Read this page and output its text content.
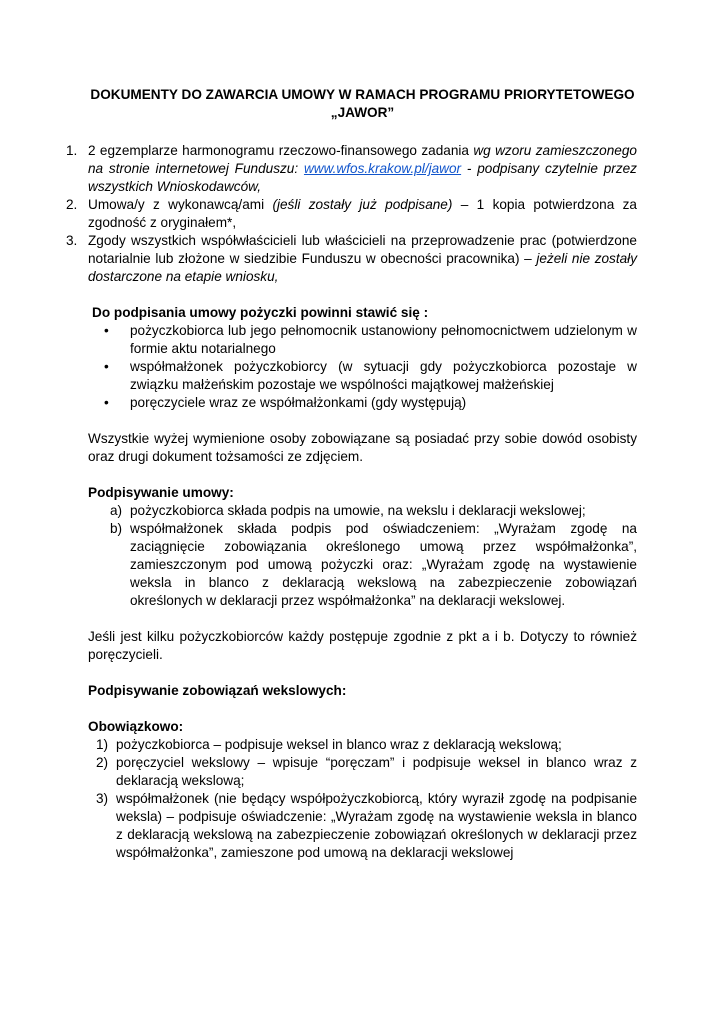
DOKUMENTY DO ZAWARCIA UMOWY W RAMACH PROGRAMU PRIORYTETOWEGO
„JAWOR”
1. 2 egzemplarze harmonogramu rzeczowo-finansowego zadania wg wzoru zamieszczonego na stronie internetowej Funduszu: www.wfos.krakow.pl/jawor - podpisany czytelnie przez wszystkich Wnioskodawców,
2. Umowa/y z wykonawcą/ami (jeśli zostały już podpisane) – 1 kopia potwierdzona za zgodność z oryginałem*,
3. Zgody wszystkich współwłaścicieli lub właścicieli na przeprowadzenie prac (potwierdzone notarialnie lub złożone w siedzibie Funduszu w obecności pracownika) – jeżeli nie zostały dostarczone na etapie wniosku,
Do podpisania umowy pożyczki powinni stawić się :
• pożyczkobiorca lub jego pełnomocnik ustanowiony pełnomocnictwem udzielonym w formie aktu notarialnego
• współmałżonek pożyczkobiorcy (w sytuacji gdy pożyczkobiorca pozostaje w związku małżeńskim pozostaje we wspólności majątkowej małżeńskiej
• poręczyciele wraz ze współmałżonkami (gdy występują)

Wszystkie wyżej wymienione osoby zobowiązane są posiadać przy sobie dowód osobisty oraz drugi dokument tożsamości ze zdjęciem.

Podpisywanie umowy:

a) pożyczkobiorca składa podpis na umowie, na wekslu i deklaracji wekslowej;
b) współmałżonek składa podpis pod oświadczeniem: „Wyrażam zgodę na zaciągnięcie zobowiązania określonego umową przez współmałżonka”, zamieszczonym pod umową pożyczki oraz: „Wyrażam zgodę na wystawienie weksla in blanco z deklaracją wekslową na zabezpieczenie zobowiązań określonych w deklaracji przez współmałżonka” na deklaracji wekslowej.

Jeśli jest kilku pożyczkobiorców każdy postępuje zgodnie z pkt a i b. Dotyczy to również poręczycieli.

Podpisywanie zobowiązań wekslowych:

Obowiązkowo:

1) pożyczkobiorca – podpisuje weksel in blanco wraz z deklaracją wekslową;
2) poręczyciel wekslowy – wpisuje “poręczam” i podpisuje weksel in blanco wraz z deklaracją wekslową;
3) współmałżonek (nie będący współpożyczkobiorcą, który wyraził zgodę na podpisanie weksla) – podpisuje oświadczenie: „Wyrażam zgodę na wystawienie weksla in blanco z deklaracją wekslową na zabezpieczenie zobowiązań określonych w deklaracji przez współmałżonka”, zamieszone pod umową na deklaracji wekslowej
